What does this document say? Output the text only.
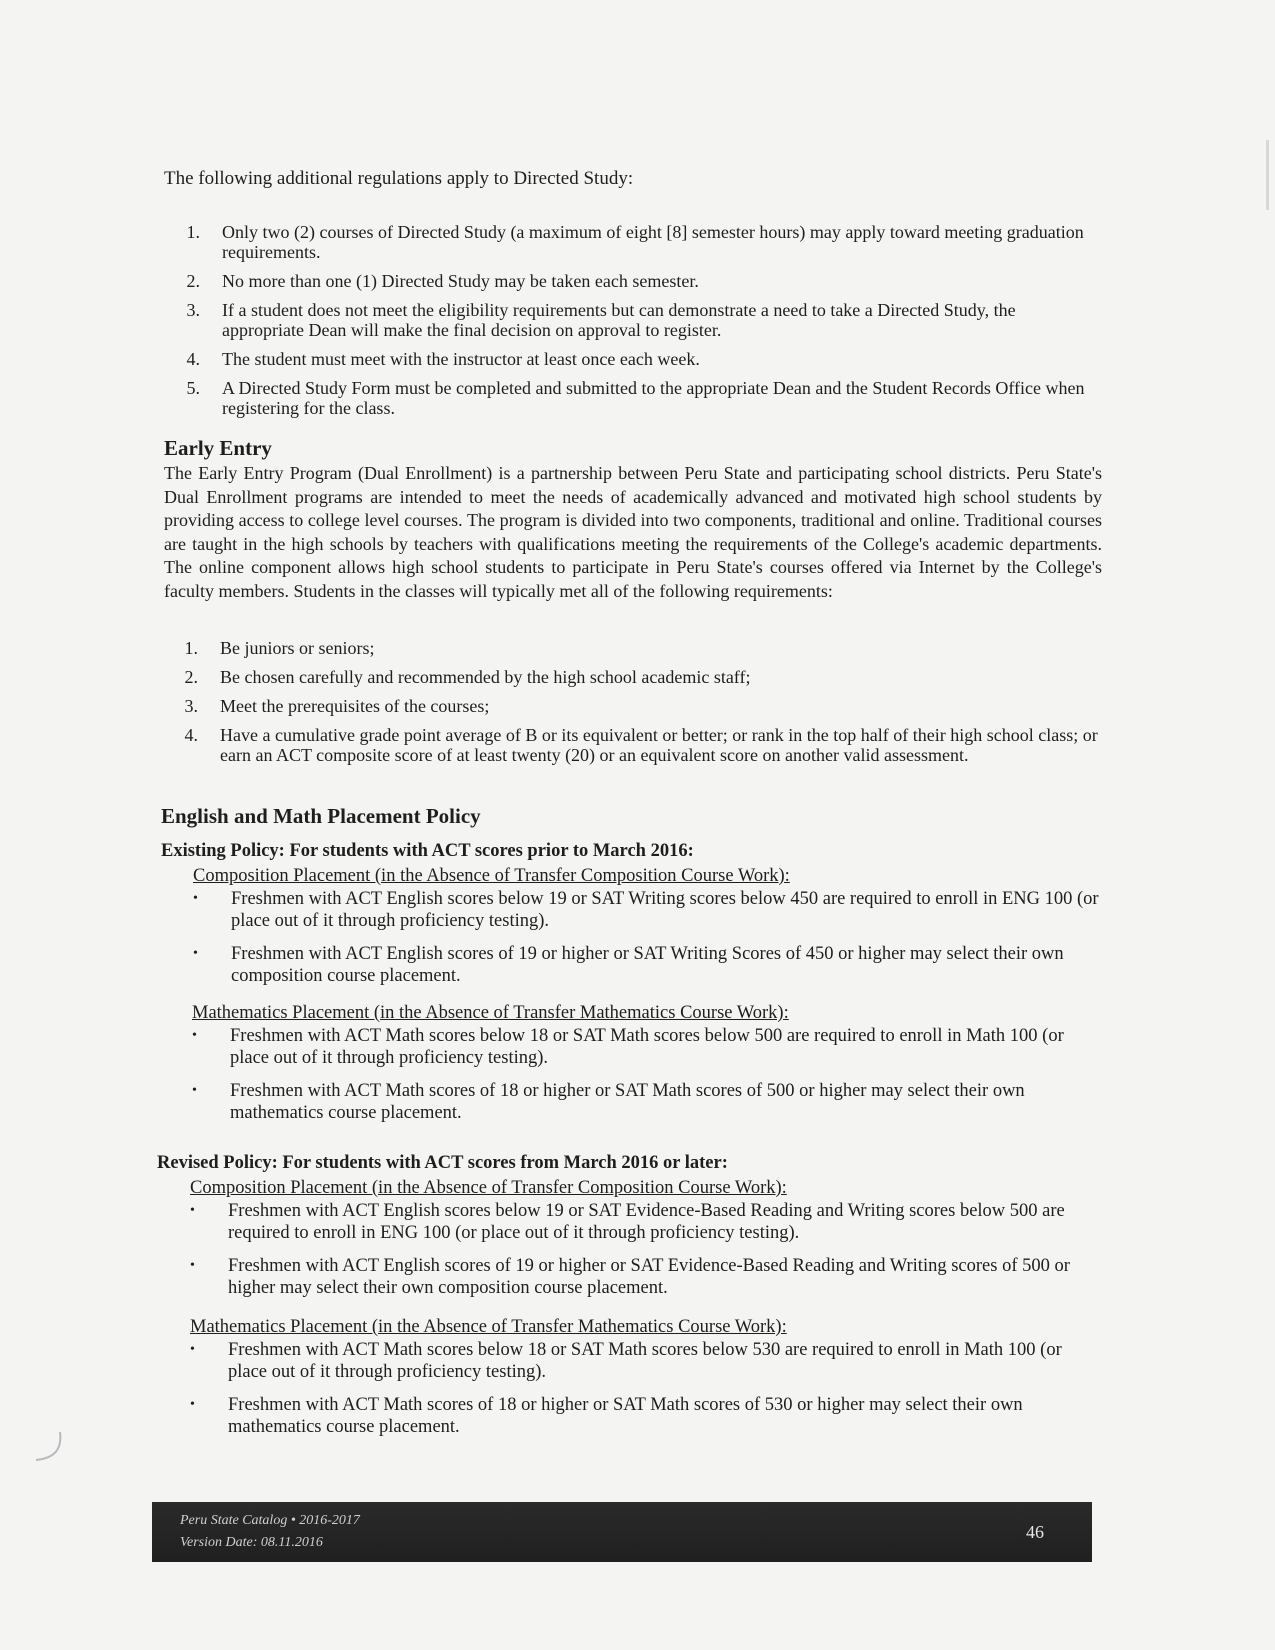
The following additional regulations apply to Directed Study:

1. Only two (2) courses of Directed Study (a maximum of eight [8] semester hours) may apply toward meeting graduation requirements.
2. No more than one (1) Directed Study may be taken each semester.
3. If a student does not meet the eligibility requirements but can demonstrate a need to take a Directed Study, the appropriate Dean will make the final decision on approval to register.
4. The student must meet with the instructor at least once each week.
5. A Directed Study Form must be completed and submitted to the appropriate Dean and the Student Records Office when registering for the class.
Early Entry

The Early Entry Program (Dual Enrollment) is a partnership between Peru State and participating school districts. Peru State's Dual Enrollment programs are intended to meet the needs of academically advanced and motivated high school students by providing access to college level courses. The program is divided into two components, traditional and online. Traditional courses are taught in the high schools by teachers with qualifications meeting the requirements of the College's academic departments. The online component allows high school students to participate in Peru State's courses offered via Internet by the College's faculty members. Students in the classes will typically met all of the following requirements:

1. Be juniors or seniors;
2. Be chosen carefully and recommended by the high school academic staff;
3. Meet the prerequisites of the courses;
4. Have a cumulative grade point average of B or its equivalent or better; or rank in the top half of their high school class; or earn an ACT composite score of at least twenty (20) or an equivalent score on another valid assessment.
English and Math Placement Policy

Existing Policy: For students with ACT scores prior to March 2016:

Composition Placement (in the Absence of Transfer Composition Course Work):

• Freshmen with ACT English scores below 19 or SAT Writing scores below 450 are required to enroll in ENG 100 (or place out of it through proficiency testing).
• Freshmen with ACT English scores of 19 or higher or SAT Writing Scores of 450 or higher may select their own composition course placement.

Mathematics Placement (in the Absence of Transfer Mathematics Course Work):

• Freshmen with ACT Math scores below 18 or SAT Math scores below 500 are required to enroll in Math 100 (or place out of it through proficiency testing).
• Freshmen with ACT Math scores of 18 or higher or SAT Math scores of 500 or higher may select their own mathematics course placement.

Revised Policy: For students with ACT scores from March 2016 or later:

Composition Placement (in the Absence of Transfer Composition Course Work):

• Freshmen with ACT English scores below 19 or SAT Evidence-Based Reading and Writing scores below 500 are required to enroll in ENG 100 (or place out of it through proficiency testing).
• Freshmen with ACT English scores of 19 or higher or SAT Evidence-Based Reading and Writing scores of 500 or higher may select their own composition course placement.

Mathematics Placement (in the Absence of Transfer Mathematics Course Work):

• Freshmen with ACT Math scores below 18 or SAT Math scores below 530 are required to enroll in Math 100 (or place out of it through proficiency testing).
• Freshmen with ACT Math scores of 18 or higher or SAT Math scores of 530 or higher may select their own mathematics course placement.
Peru State Catalog • 2016-2017
Version Date: 08.11.2016
46
